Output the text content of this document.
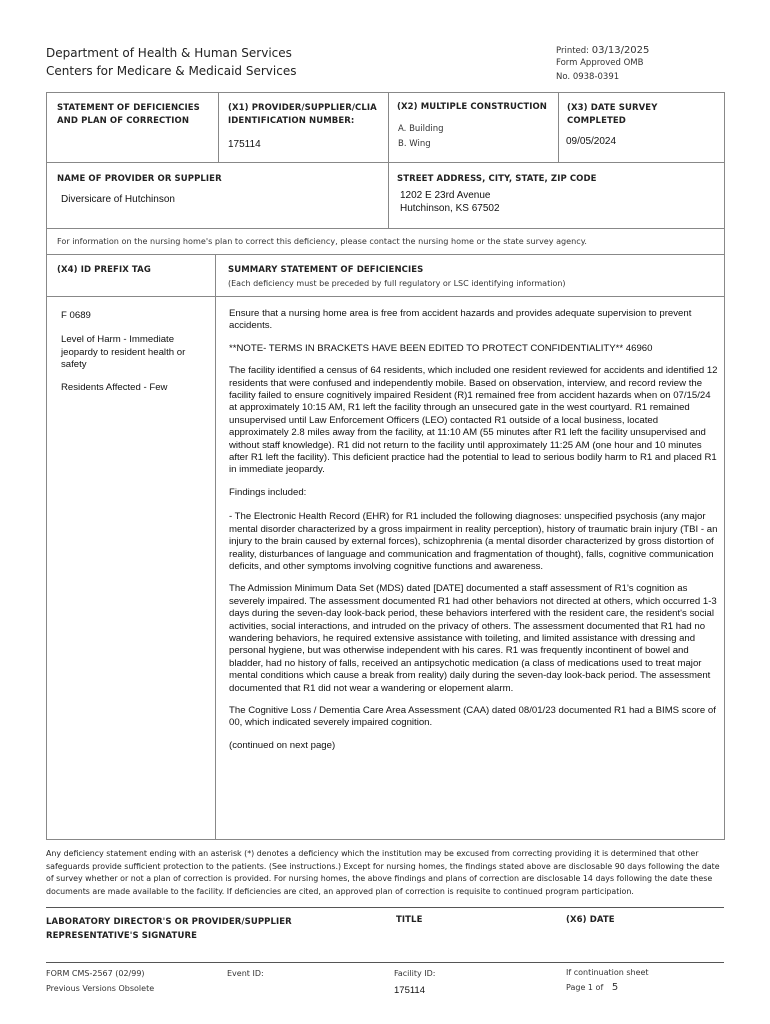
Department of Health & Human Services
Centers for Medicare & Medicaid Services
Printed: 03/13/2025
Form Approved OMB
No. 0938-0391
STATEMENT OF DEFICIENCIES AND PLAN OF CORRECTION
(X1) PROVIDER/SUPPLIER/CLIA IDENTIFICATION NUMBER:
175114
(X2) MULTIPLE CONSTRUCTION
A. Building
B. Wing
(X3) DATE SURVEY COMPLETED
09/05/2024
NAME OF PROVIDER OR SUPPLIER
Diversicare of Hutchinson
STREET ADDRESS, CITY, STATE, ZIP CODE
1202 E 23rd Avenue
Hutchinson, KS 67502
For information on the nursing home's plan to correct this deficiency, please contact the nursing home or the state survey agency.
(X4) ID PREFIX TAG	SUMMARY STATEMENT OF DEFICIENCIES
(Each deficiency must be preceded by full regulatory or LSC identifying information)

F 0689

Level of Harm - Immediate jeopardy to resident health or safety

Residents Affected - Few

Ensure that a nursing home area is free from accident hazards and provides adequate supervision to prevent accidents.

**NOTE- TERMS IN BRACKETS HAVE BEEN EDITED TO PROTECT CONFIDENTIALITY** 46960

The facility identified a census of 64 residents, which included one resident reviewed for accidents and identified 12 residents that were confused and independently mobile. Based on observation, interview, and record review the facility failed to ensure cognitively impaired Resident (R)1 remained free from accident hazards when on 07/15/24 at approximately 10:15 AM, R1 left the facility through an unsecured gate in the west courtyard. R1 remained unsupervised until Law Enforcement Officers (LEO) contacted R1 outside of a local business, located approximately 2.8 miles away from the facility, at 11:10 AM (55 minutes after R1 left the facility unsupervised and without staff knowledge). R1 did not return to the facility until approximately 11:25 AM (one hour and 10 minutes after R1 left the facility). This deficient practice had the potential to lead to serious bodily harm to R1 and placed R1 in immediate jeopardy.

Findings included:

- The Electronic Health Record (EHR) for R1 included the following diagnoses: unspecified psychosis (any major mental disorder characterized by a gross impairment in reality perception), history of traumatic brain injury (TBI - an injury to the brain caused by external forces), schizophrenia (a mental disorder characterized by gross distortion of reality, disturbances of language and communication and fragmentation of thought), falls, cognitive communication deficits, and other symptoms involving cognitive functions and awareness.

The Admission Minimum Data Set (MDS) dated [DATE] documented a staff assessment of R1's cognition as severely impaired. The assessment documented R1 had other behaviors not directed at others, which occurred 1-3 days during the seven-day look-back period, these behaviors interfered with the resident care, the resident's social activities, social interactions, and intruded on the privacy of others. The assessment documented that R1 had no wandering behaviors, he required extensive assistance with toileting, and limited assistance with dressing and personal hygiene, but was otherwise independent with his cares. R1 was frequently incontinent of bowel and bladder, had no history of falls, received an antipsychotic medication (a class of medications used to treat major mental conditions which cause a break from reality) daily during the seven-day look-back period. The assessment documented that R1 did not wear a wandering or elopement alarm.

The Cognitive Loss / Dementia Care Area Assessment (CAA) dated 08/01/23 documented R1 had a BIMS score of 00, which indicated severely impaired cognition.

(continued on next page)

Any deficiency statement ending with an asterisk (*) denotes a deficiency which the institution may be excused from correcting providing it is determined that other safeguards provide sufficient protection to the patients. (See instructions.) Except for nursing homes, the findings stated above are disclosable 90 days following the date of survey whether or not a plan of correction is provided. For nursing homes, the above findings and plans of correction are disclosable 14 days following the date these documents are made available to the facility. If deficiencies are cited, an approved plan of correction is requisite to continued program participation.
LABORATORY DIRECTOR'S OR PROVIDER/SUPPLIER
REPRESENTATIVE'S SIGNATURE
TITLE	(X6) DATE
FORM CMS-2567 (02/99)
Previous Versions Obsolete
Event ID:	Facility ID:
175114
If continuation sheet
Page 1 of 5
